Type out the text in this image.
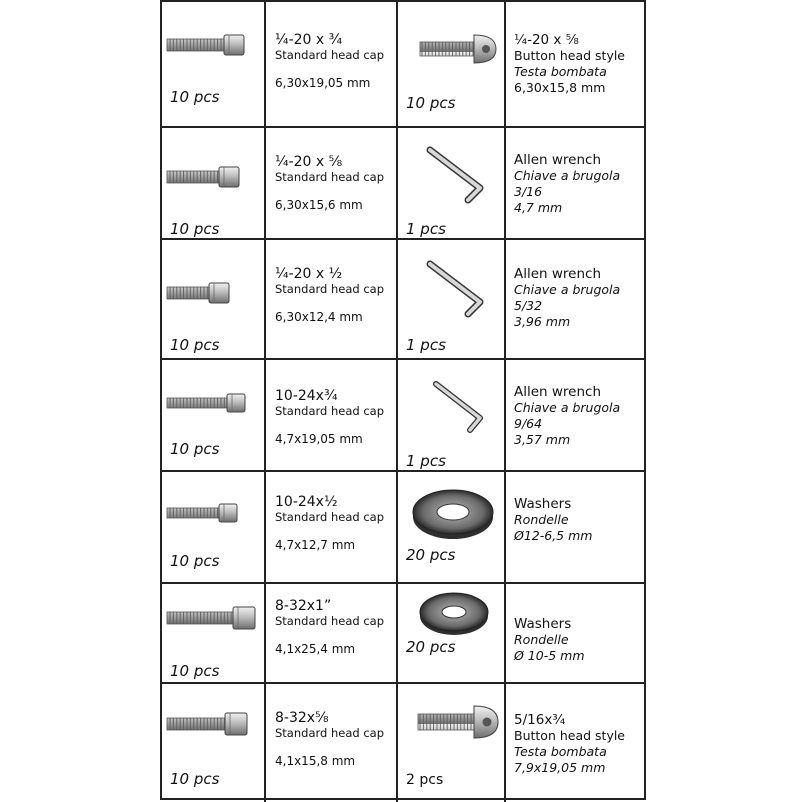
10 pcs
¼-20 x ¾
Standard head cap
6,30x19,05 mm
10 pcs
¼-20 x ⅝
Button head style
Testa bombata
6,30x15,8 mm
10 pcs
¼-20 x ⅝
Standard head cap
6,30x15,6 mm
1 pcs
Allen wrench
Chiave a brugola
3/16
4,7 mm
10 pcs
¼-20 x ½
Standard head cap
6,30x12,4 mm
1 pcs
Allen wrench
Chiave a brugola
5/32
3,96 mm
10 pcs
10-24x¾
Standard head cap
4,7x19,05 mm
1 pcs
Allen wrench
Chiave a brugola
9/64
3,57 mm
10 pcs
10-24x½
Standard head cap
4,7x12,7 mm
20 pcs
Washers
Rondelle
Ø12-6,5 mm
10 pcs
8-32x1”
Standard head cap
4,1x25,4 mm	20 pcs
Washers
Rondelle
Ø 10-5 mm
10 pcs
8-32x⅝
Standard head cap
4,1x15,8 mm
2 pcs
5/16x¾
Button head style
Testa bombata
7,9x19,05 mm
